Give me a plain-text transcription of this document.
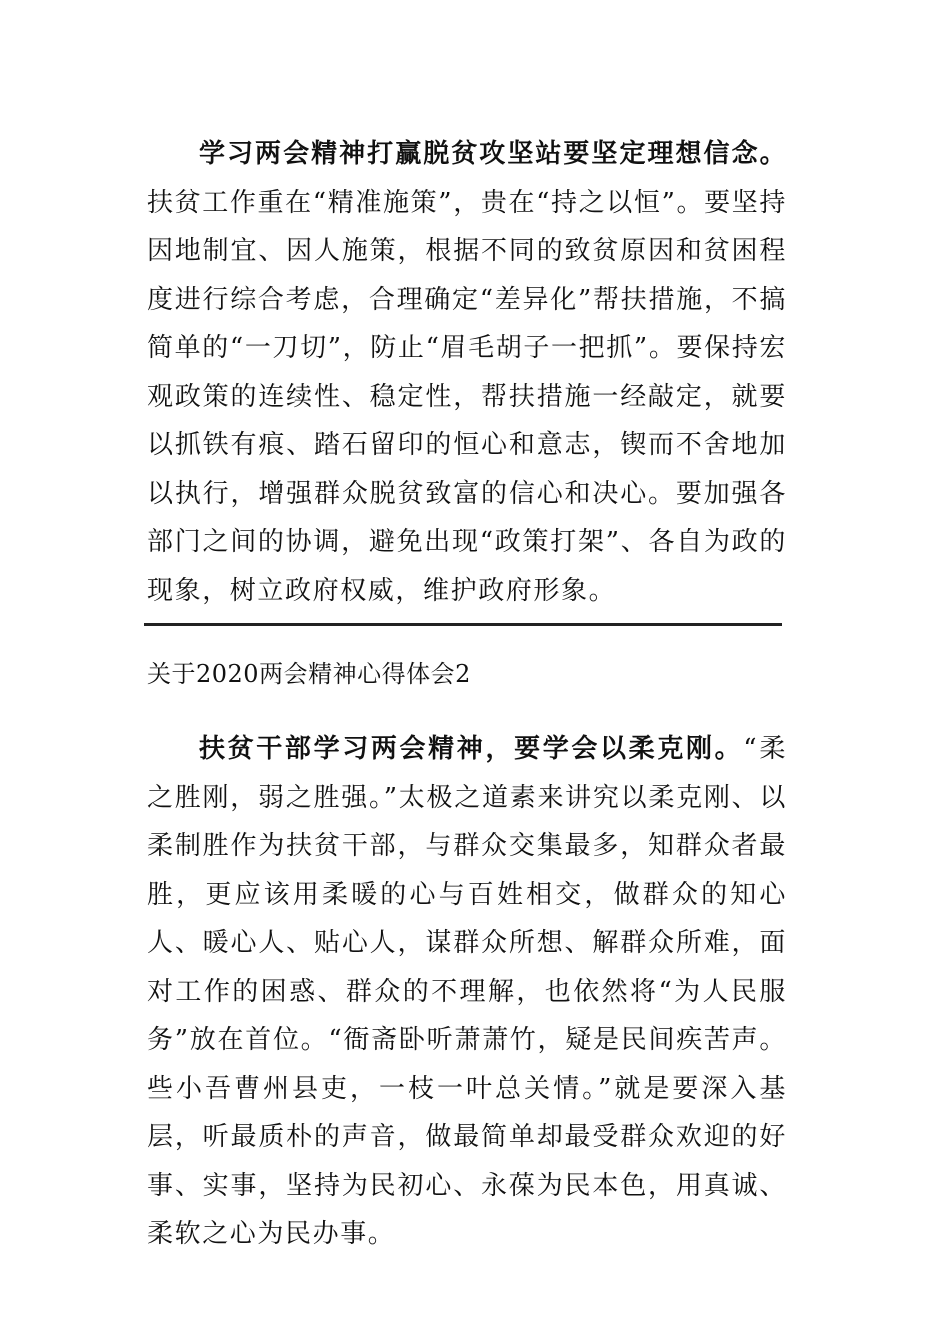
学习两会精神打赢脱贫攻坚站要坚定理想信念。扶贫工作重在“精准施策”，贵在“持之以恒”。要坚持因地制宜、因人施策，根据不同的致贫原因和贫困程度进行综合考虑，合理确定“差异化”帮扶措施，不搞简单的“一刀切”，防止“眉毛胡子一把抓”。要保持宏观政策的连续性、稳定性，帮扶措施一经敲定，就要以抓铁有痕、踏石留印的恒心和意志，锲而不舍地加以执行，增强群众脱贫致富的信心和决心。要加强各部门之间的协调，避免出现“政策打架”、各自为政的现象，树立政府权威，维护政府形象。

关于2020两会精神心得体会2

扶贫干部学习两会精神，要学会以柔克刚。“柔之胜刚，弱之胜强。”太极之道素来讲究以柔克刚、以柔制胜作为扶贫干部，与群众交集最多，知群众者最胜，更应该用柔暖的心与百姓相交，做群众的知心人、暖心人、贴心人，谋群众所想、解群众所难，面对工作的困惑、群众的不理解，也依然将“为人民服务”放在首位。“衙斋卧听萧萧竹，疑是民间疾苦声。些小吾曹州县吏，一枝一叶总关情。”就是要深入基层，听最质朴的声音，做最简单却最受群众欢迎的好事、实事，坚持为民初心、永葆为民本色，用真诚、柔软之心为民办事。
